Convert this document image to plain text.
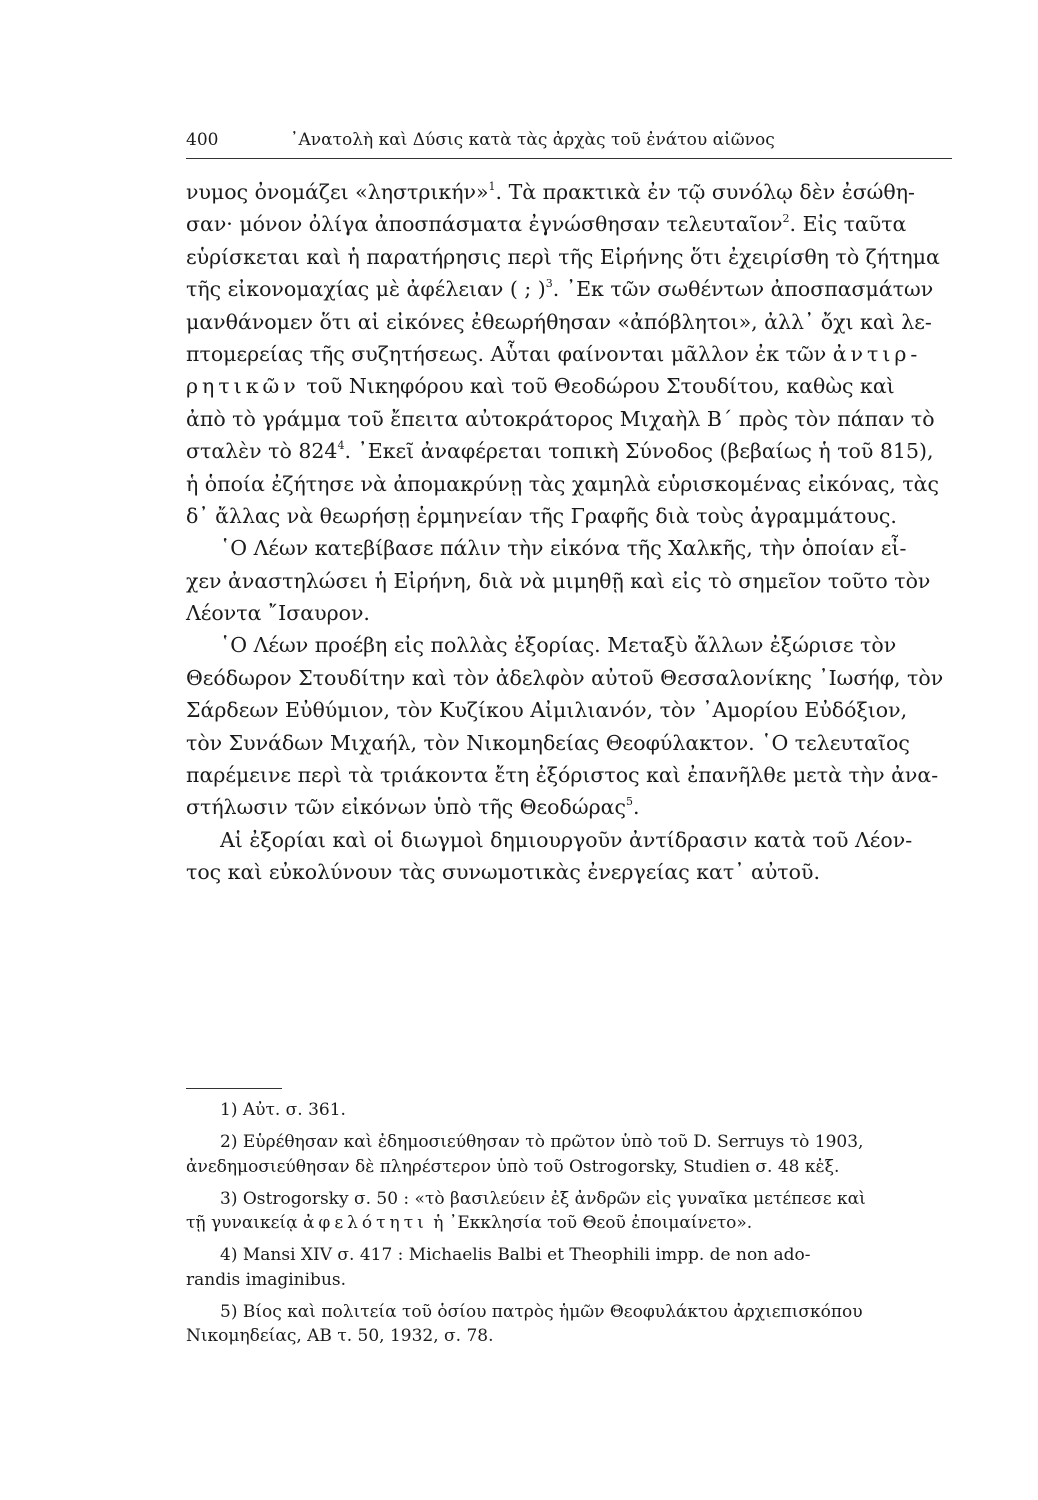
400	᾽Ανατολὴ καὶ Δύσις κατὰ τὰς ἀρχὰς τοῦ ἐνάτου αἰῶνος
νυμος ὀνομάζει «ληστρικήν»$^1$. Τὰ πρακτικὰ ἐν τῷ συνόλῳ δὲν ἐσώθη-
σαν· μόνον ὀλίγα ἀποσπάσματα ἐγνώσθησαν τελευταῖον$^2$. Εἰς ταῦτα
εὑρίσκεται καὶ ἡ παρατήρησις περὶ τῆς Εἰρήνης ὅτι ἐχειρίσθη τὸ ζήτημα
τῆς εἰκονομαχίας μὲ ἀφέλειαν ( ; )$^3$. ᾽Εκ τῶν σωθέντων ἀποσπασμάτων
μανθάνομεν ὅτι αἱ εἰκόνες ἐθεωρήθησαν «ἀπόβλητοι», ἀλλ᾽ ὄχι καὶ λε-
πτομερείας τῆς συζητήσεως. Αὗται φαίνονται μᾶλλον ἐκ τῶν ἀντιρ-
ρητικῶν τοῦ Νικηφόρου καὶ τοῦ Θεοδώρου Στουδίτου, καθὼς καὶ
ἀπὸ τὸ γράμμα τοῦ ἔπειτα αὐτοκράτορος Μιχαὴλ Β΄ πρὸς τὸν πάπαν τὸ
σταλὲν τὸ $824^4$. ᾽Εκεῖ ἀναφέρεται τοπικὴ Σύνοδος (βεβαίως ἡ τοῦ 815),
ἡ ὁποία ἐζήτησε νὰ ἀπομακρύνῃ τὰς χαμηλὰ εὑρισκομένας εἰκόνας, τὰς
δ᾽ ἄλλας νὰ θεωρήσῃ ἑρμηνείαν τῆς Γραφῆς διὰ τοὺς ἀγραμμάτους.
῾Ο Λέων κατεβίβασε πάλιν τὴν εἰκόνα τῆς Χαλκῆς, τὴν ὁποίαν εἶ-
χεν ἀναστηλώσει ἡ Εἰρήνη, διὰ νὰ μιμηθῇ καὶ εἰς τὸ σημεῖον τοῦτο τὸν
Λέοντα ῎Ισαυρον.
῾Ο Λέων προέβη εἰς πολλὰς ἐξορίας. Μεταξὺ ἄλλων ἐξώρισε τὸν
Θεόδωρον Στουδίτην καὶ τὸν ἀδελφὸν αὐτοῦ Θεσσαλονίκης ᾽Ιωσήφ, τὸν
Σάρδεων Εὐθύμιον, τὸν Κυζίκου Αἰμιλιανόν, τὸν ᾽Αμορίου Εὐδόξιον,
τὸν Συνάδων Μιχαήλ, τὸν Νικομηδείας Θεοφύλακτον. ῾Ο τελευταῖος
παρέμεινε περὶ τὰ τριάκοντα ἔτη ἐξόριστος καὶ ἐπανῆλθε μετὰ τὴν ἀνα-
στήλωσιν τῶν εἰκόνων ὑπὸ τῆς Θεοδώρας$^5$.
Αἱ ἐξορίαι καὶ οἱ διωγμοὶ δημιουργοῦν ἀντίδρασιν κατὰ τοῦ Λέον-
τος καὶ εὐκολύνουν τὰς συνωμοτικὰς ἐνεργείας κατ᾽ αὐτοῦ.
1) Αὐτ. σ. 361.
2) Εὑρέθησαν καὶ ἐδημοσιεύθησαν τὸ πρῶτον ὑπὸ τοῦ D. Serruys τὸ 1903,
ἀνεδημοσιεύθησαν δὲ πληρέστερον ὑπὸ τοῦ Ostrogorsky, Studien σ. 48 κἑξ.
3) Ostrogorsky σ. 50 : «τὸ βασιλεύειν ἐξ ἀνδρῶν εἰς γυναῖκα μετέπεσε καὶ
τῇ γυναικείᾳ ἀφελότητι ἡ ᾽Εκκλησία τοῦ Θεοῦ ἐποιμαίνετο».
4) Mansi XIV σ. 417 : Michaelis Balbi et Theophili impp. de non ado-
randis imaginibus.
5) Βίος καὶ πολιτεία τοῦ ὁσίου πατρὸς ἡμῶν Θεοφυλάκτου ἀρχιεπισκόπου
Νικομηδείας, ΑΒ τ. 50, 1932, σ. 78.
